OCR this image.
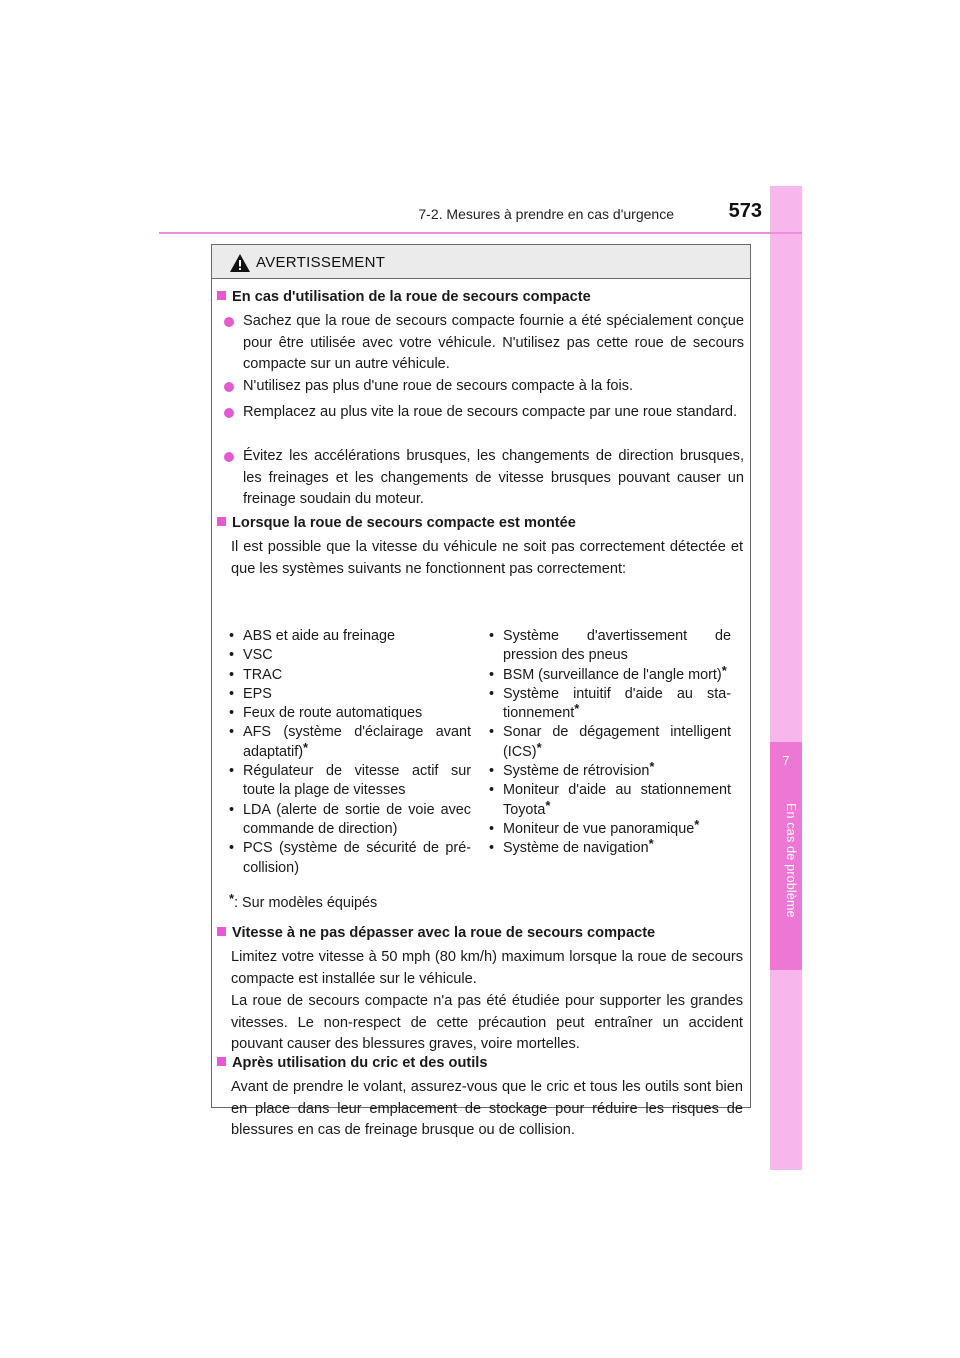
7
En cas de problème
7-2. Mesures à prendre en cas d'urgence	573
AVERTISSEMENT
En cas d'utilisation de la roue de secours compacte
Sachez que la roue de secours compacte fournie a été spécialement conçue pour être utilisée avec votre véhicule. N'utilisez pas cette roue de secours compacte sur un autre véhicule.
N'utilisez pas plus d'une roue de secours compacte à la fois.
Remplacez au plus vite la roue de secours compacte par une roue standard.
Évitez les accélérations brusques, les changements de direction brusques, les freinages et les changements de vitesse brusques pouvant causer un freinage soudain du moteur.
Lorsque la roue de secours compacte est montée
Il est possible que la vitesse du véhicule ne soit pas correctement détectée et que les systèmes suivants ne fonctionnent pas correctement:
• ABS et aide au freinage
• VSC
• TRAC
• EPS
• Feux de route automatiques
• AFS (système d'éclairage avant adaptatif)*
• Régulateur de vitesse actif sur toute la plage de vitesses
• LDA (alerte de sortie de voie avec commande de direction)
• PCS (système de sécurité de pré-collision)
• Système d'avertissement de pression des pneus
• BSM (surveillance de l'angle mort)*
• Système intuitif d'aide au stationnement*
• Sonar de dégagement intelligent (ICS)*
• Système de rétrovision*
• Moniteur d'aide au stationnement Toyota*
• Moniteur de vue panoramique*
• Système de navigation*
*: Sur modèles équipés
Vitesse à ne pas dépasser avec la roue de secours compacte
Limitez votre vitesse à 50 mph (80 km/h) maximum lorsque la roue de secours compacte est installée sur le véhicule.
La roue de secours compacte n'a pas été étudiée pour supporter les grandes vitesses. Le non-respect de cette précaution peut entraîner un accident pouvant causer des blessures graves, voire mortelles.
Après utilisation du cric et des outils
Avant de prendre le volant, assurez-vous que le cric et tous les outils sont bien en place dans leur emplacement de stockage pour réduire les risques de blessures en cas de freinage brusque ou de collision.
